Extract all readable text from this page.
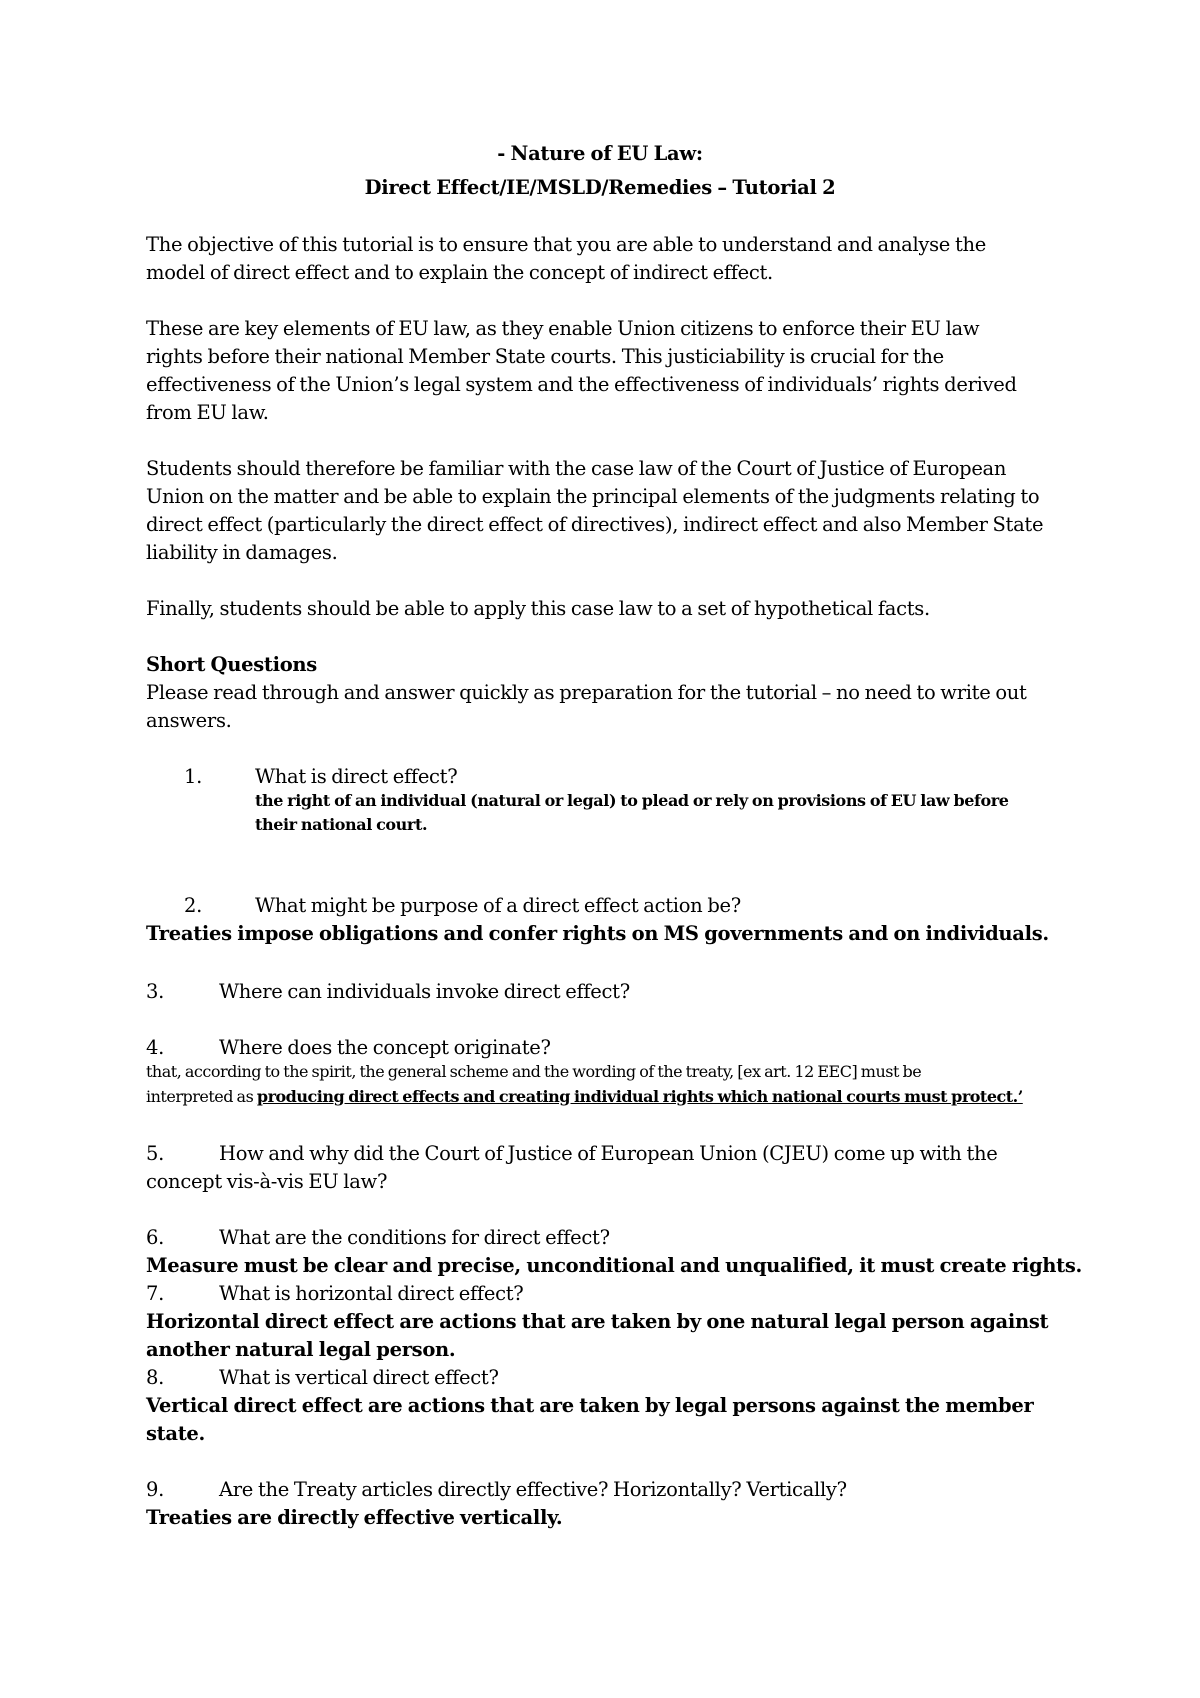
- Nature of EU Law:
Direct Effect/IE/MSLD/Remedies – Tutorial 2
The objective of this tutorial is to ensure that you are able to understand and analyse the
model of direct effect and to explain the concept of indirect effect.
These are key elements of EU law, as they enable Union citizens to enforce their EU law
rights before their national Member State courts. This justiciability is crucial for the
effectiveness of the Union’s legal system and the effectiveness of individuals’ rights derived
from EU law.
Students should therefore be familiar with the case law of the Court of Justice of European
Union on the matter and be able to explain the principal elements of the judgments relating to
direct effect (particularly the direct effect of directives), indirect effect and also Member State
liability in damages.
Finally, students should be able to apply this case law to a set of hypothetical facts.
Short Questions
Please read through and answer quickly as preparation for the tutorial – no need to write out
answers.
1.	What is direct effect?
the right of an individual (natural or legal) to plead or rely on provisions of EU law before
their national court.
2.	What might be purpose of a direct effect action be?
Treaties impose obligations and confer rights on MS governments and on individuals.
3.	Where can individuals invoke direct effect?
4.	Where does the concept originate?
that, according to the spirit, the general scheme and the wording of the treaty, [ex art. 12 EEC] must be
interpreted as producing direct effects and creating individual rights which national courts must protect.’
5.	How and why did the Court of Justice of European Union (CJEU) come up with the
concept vis-à-vis EU law?
6.	What are the conditions for direct effect?
Measure must be clear and precise, unconditional and unqualified, it must create rights.
7.	What is horizontal direct effect?
Horizontal direct effect are actions that are taken by one natural legal person against
another natural legal person.
8.	What is vertical direct effect?
Vertical direct effect are actions that are taken by legal persons against the member
state.
9.	Are the Treaty articles directly effective? Horizontally? Vertically?
Treaties are directly effective vertically.
